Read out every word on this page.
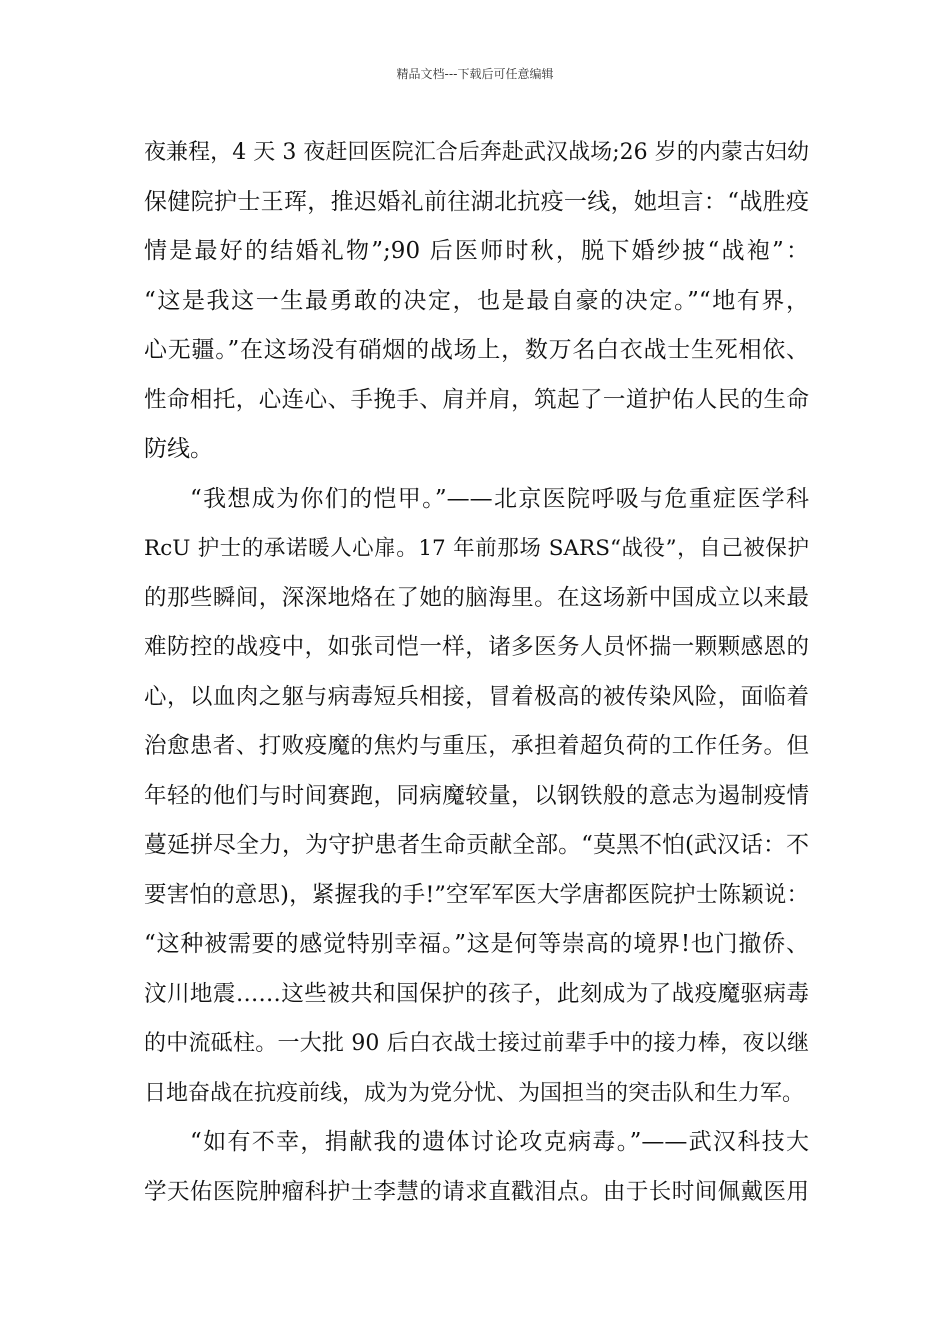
精品文档---下载后可任意编辑
夜兼程，4 天 3 夜赶回医院汇合后奔赴武汉战场;26 岁的内蒙古妇幼
保健院护士王珲，推迟婚礼前往湖北抗疫一线，她坦言：“战胜疫
情是最好的结婚礼物”;90 后医师时秋，脱下婚纱披“战袍”：
“这是我这一生最勇敢的决定，也是最自豪的决定。”“地有界，
心无疆。”在这场没有硝烟的战场上，数万名白衣战士生死相依、
性命相托，心连心、手挽手、肩并肩，筑起了一道护佑人民的生命
防线。
“我想成为你们的恺甲。”——北京医院呼吸与危重症医学科
RcU 护士的承诺暖人心扉。17 年前那场 SARS“战役”，自己被保护
的那些瞬间，深深地烙在了她的脑海里。在这场新中国成立以来最
难防控的战疫中，如张司恺一样，诸多医务人员怀揣一颗颗感恩的
心，以血肉之躯与病毒短兵相接，冒着极高的被传染风险，面临着
治愈患者、打败疫魔的焦灼与重压，承担着超负荷的工作任务。但
年轻的他们与时间赛跑，同病魔较量，以钢铁般的意志为遏制疫情
蔓延拼尽全力，为守护患者生命贡献全部。“莫黑不怕(武汉话：不
要害怕的意思)，紧握我的手!”空军军医大学唐都医院护士陈颖说：
“这种被需要的感觉特别幸福。”这是何等崇高的境界!也门撤侨、
汶川地震……这些被共和国保护的孩子，此刻成为了战疫魔驱病毒
的中流砥柱。一大批 90 后白衣战士接过前辈手中的接力棒，夜以继
日地奋战在抗疫前线，成为为党分忧、为国担当的突击队和生力军。
“如有不幸，捐献我的遗体讨论攻克病毒。”——武汉科技大
学天佑医院肿瘤科护士李慧的请求直戳泪点。由于长时间佩戴医用
